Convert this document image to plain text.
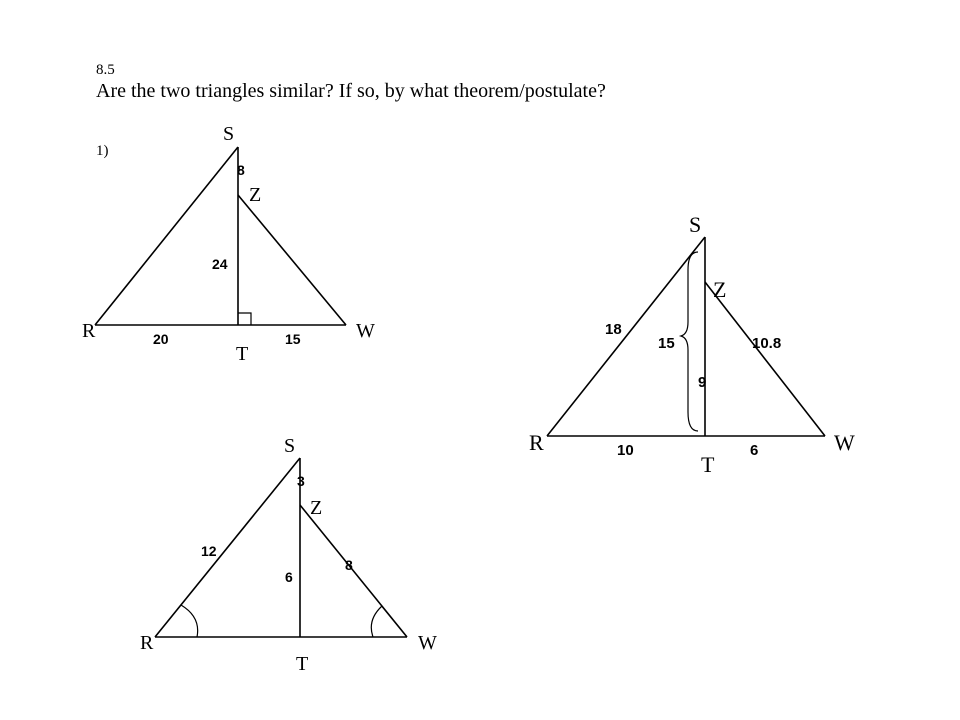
8.5
Are the two triangles similar? If so, by what theorem/postulate?
1)
S
Z
R	W
T
8
24
20	15
S
Z
R	W
T
18
15
9
10.8
10	6
S
Z
R	W
T
3
12
6
8
